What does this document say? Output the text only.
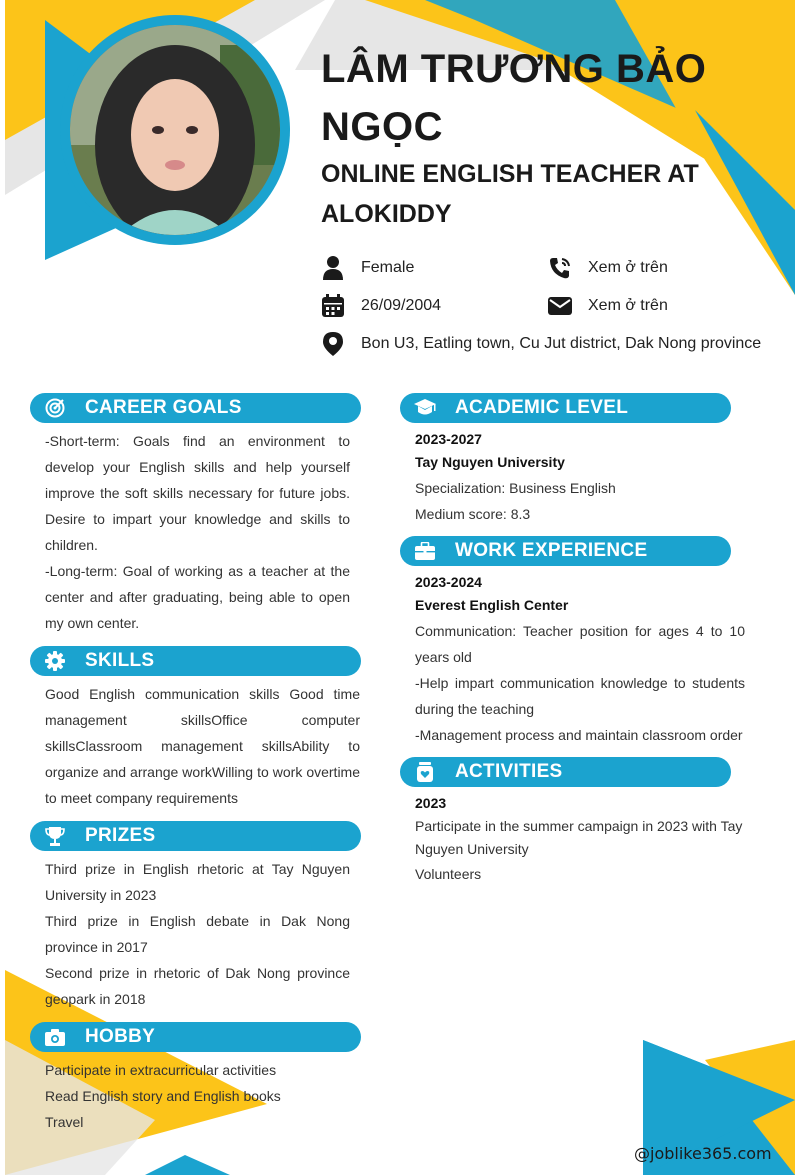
LÂM TRƯƠNG BẢO NGỌC
ONLINE ENGLISH TEACHER AT ALOKIDDY
Female	Xem ở trên
26/09/2004	Xem ở trên
Bon U3, Eatling town, Cu Jut district, Dak Nong province
CAREER GOALS

-Short-term: Goals find an environment to develop your English skills and help yourself improve the soft skills necessary for future jobs. Desire to impart your knowledge and skills to children.

-Long-term: Goal of working as a teacher at the center and after graduating, being able to open my own center.

SKILLS

Good English communication skills Good time management skillsOffice computer skillsClassroom management skillsAbility to organize and arrange workWilling to work overtime to meet company requirements

PRIZES

Third prize in English rhetoric at Tay Nguyen University in 2023

Third prize in English debate in Dak Nong province in 2017

Second prize in rhetoric of Dak Nong province geopark in 2018

HOBBY

Participate in extracurricular activities

Read English story and English books

Travel

ACADEMIC LEVEL
2023-2027
Tay Nguyen University
Specialization: Business English
Medium score: 8.3
WORK EXPERIENCE
2023-2024
Everest English Center
Communication: Teacher position for ages 4 to 10 years old
-Help impart communication knowledge to students during the teaching
-Management process and maintain classroom order
ACTIVITIES
2023
Participate in the summer campaign in 2023 with Tay Nguyen University
Volunteers
@joblike365.com
